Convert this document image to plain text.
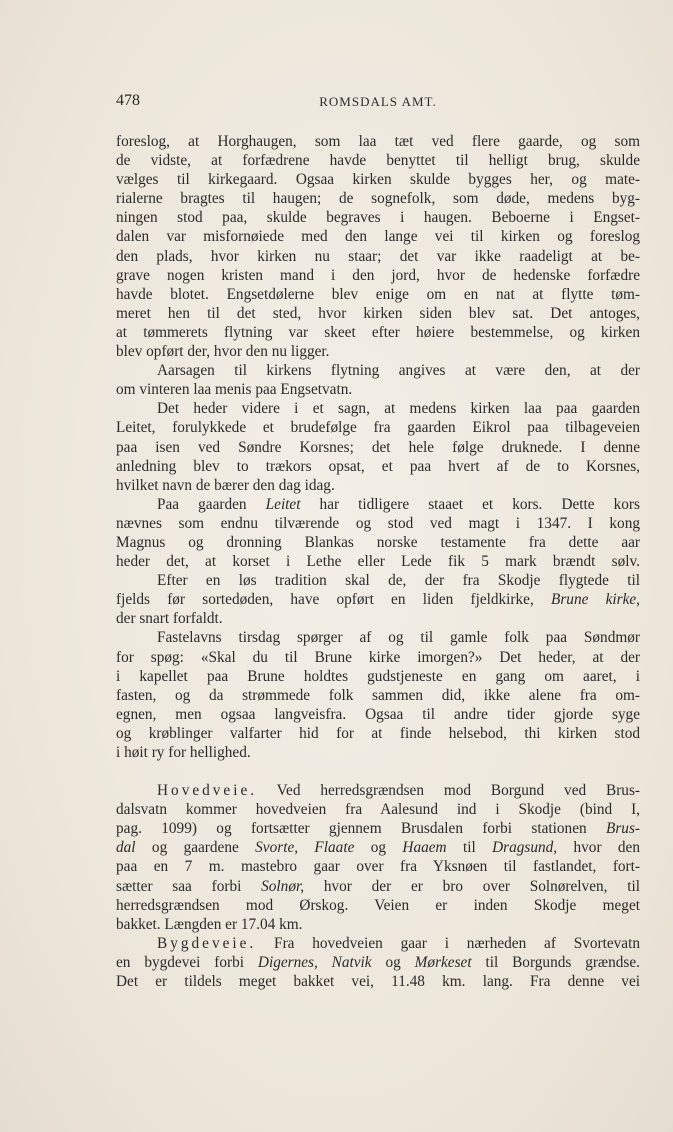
478	ROMSDALS AMT.
foreslog, at Horghaugen, som laa tæt ved flere gaarde, og som
de vidste, at forfædrene havde benyttet til helligt brug, skulde
vælges til kirkegaard. Ogsaa kirken skulde bygges her, og mate-
rialerne bragtes til haugen; de sognefolk, som døde, medens byg-
ningen stod paa, skulde begraves i haugen. Beboerne i Engset-
dalen var misfornøiede med den lange vei til kirken og foreslog
den plads, hvor kirken nu staar; det var ikke raadeligt at be-
grave nogen kristen mand i den jord, hvor de hedenske forfædre
havde blotet. Engsetdølerne blev enige om en nat at flytte tøm-
meret hen til det sted, hvor kirken siden blev sat. Det antoges,
at tømmerets flytning var skeet efter høiere bestemmelse, og kirken
blev opført der, hvor den nu ligger.
Aarsagen til kirkens flytning angives at være den, at der
om vinteren laa menis paa Engsetvatn.
Det heder videre i et sagn, at medens kirken laa paa gaarden
Leitet, forulykkede et brudefølge fra gaarden Eikrol paa tilbageveien
paa isen ved Søndre Korsnes; det hele følge druknede. I denne
anledning blev to trækors opsat, et paa hvert af de to Korsnes,
hvilket navn de bærer den dag idag.
Paa gaarden Leitet har tidligere staaet et kors. Dette kors
nævnes som endnu tilværende og stod ved magt i 1347. I kong
Magnus og dronning Blankas norske testamente fra dette aar
heder det, at korset i Lethe eller Lede fik 5 mark brændt sølv.
Efter en løs tradition skal de, der fra Skodje flygtede til
fjelds før sortedøden, have opført en liden fjeldkirke, Brune kirke,
der snart forfaldt.
Fastelavns tirsdag spørger af og til gamle folk paa Søndmør
for spøg: «Skal du til Brune kirke imorgen?» Det heder, at der
i kapellet paa Brune holdtes gudstjeneste en gang om aaret, i
fasten, og da strømmede folk sammen did, ikke alene fra om-
egnen, men ogsaa langveisfra. Ogsaa til andre tider gjorde syge
og krøblinger valfarter hid for at finde helsebod, thi kirken stod
i høit ry for hellighed.
Hovedveie. Ved herredsgrændsen mod Borgund ved Brus-
dalsvatn kommer hovedveien fra Aalesund ind i Skodje (bind I,
pag. 1099) og fortsætter gjennem Brusdalen forbi stationen Brus-
dal og gaardene Svorte, Flaate og Haaem til Dragsund, hvor den
paa en 7 m. mastebro gaar over fra Yksnøen til fastlandet, fort-
sætter saa forbi Solnør, hvor der er bro over Solnørelven, til
herredsgrændsen mod Ørskog. Veien er inden Skodje meget
bakket. Længden er 17.04 km.
Bygdeveie. Fra hovedveien gaar i nærheden af Svortevatn
en bygdevei forbi Digernes, Natvik og Mørkeset til Borgunds grændse.
Det er tildels meget bakket vei, 11.48 km. lang. Fra denne vei
